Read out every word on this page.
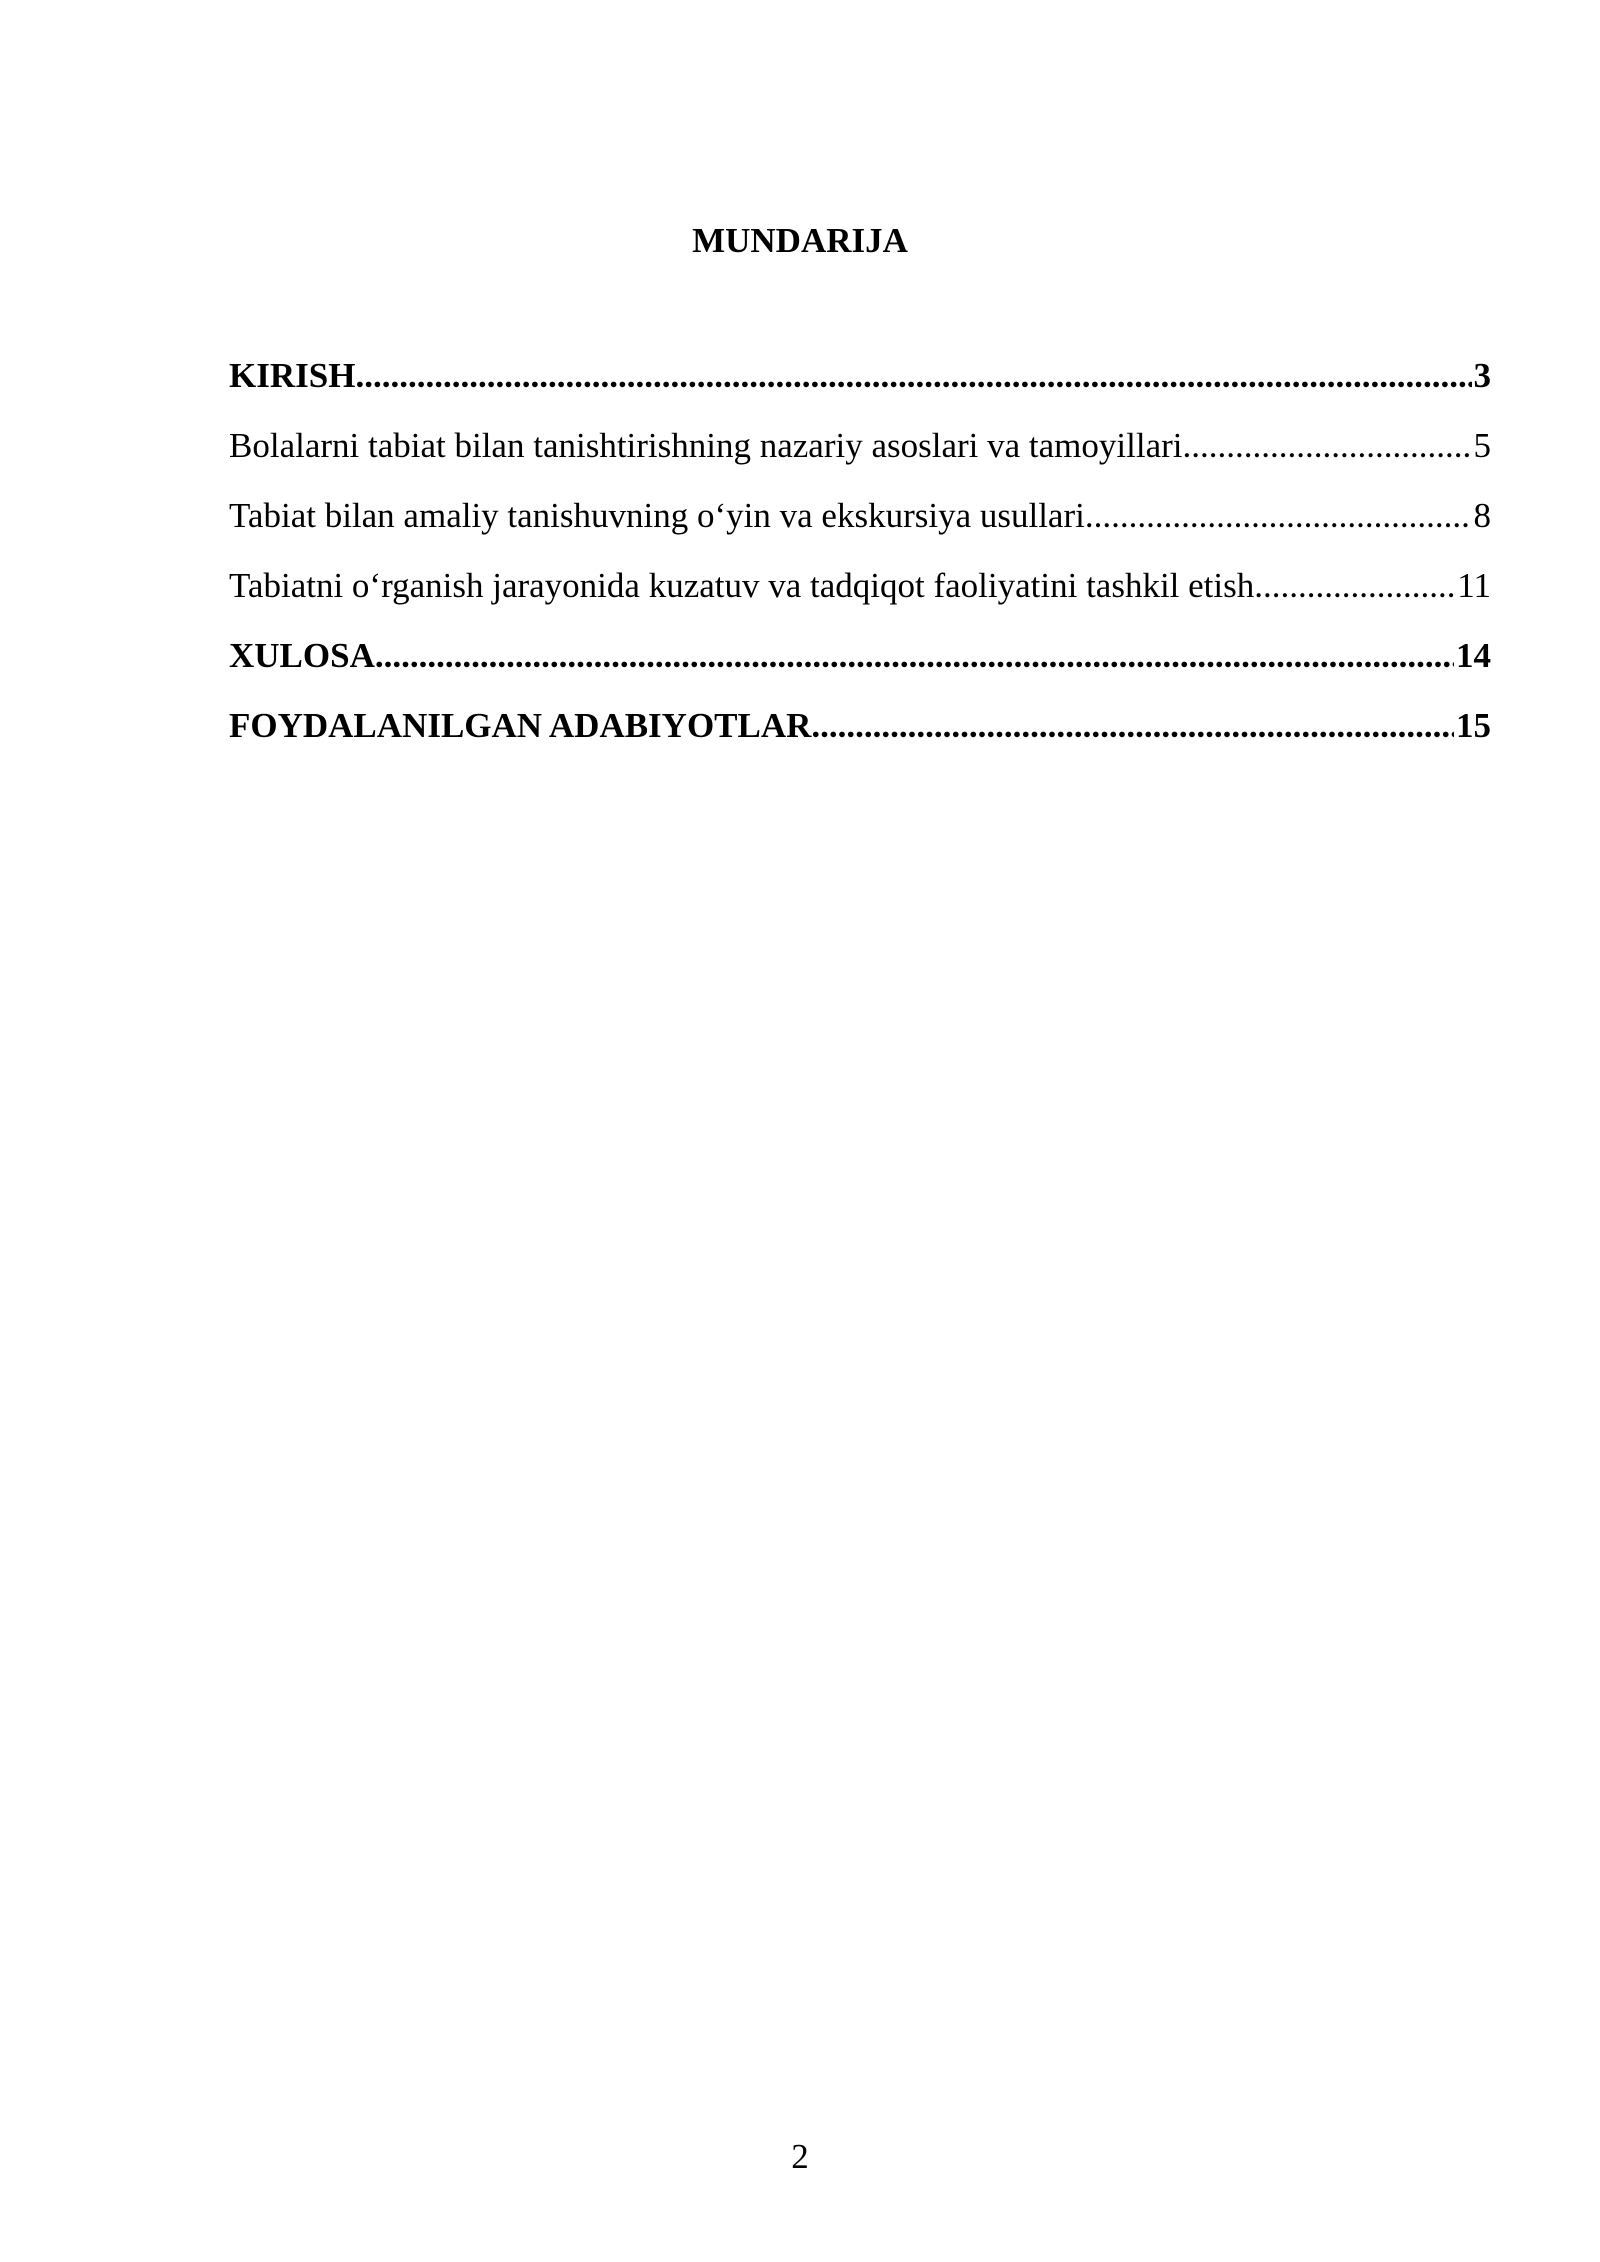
MUNDARIJA
KIRISH .....	3
Bolalarni tabiat bilan tanishtirishning nazariy asoslari va tamoyillari .....	5
Tabiat bilan amaliy tanishuvning o‘yin va ekskursiya usullari .....	8
Tabiatni o‘rganish jarayonida kuzatuv va tadqiqot faoliyatini tashkil etish .....	11
XULOSA .....	14
FOYDALANILGAN ADABIYOTLAR .....	15
2
